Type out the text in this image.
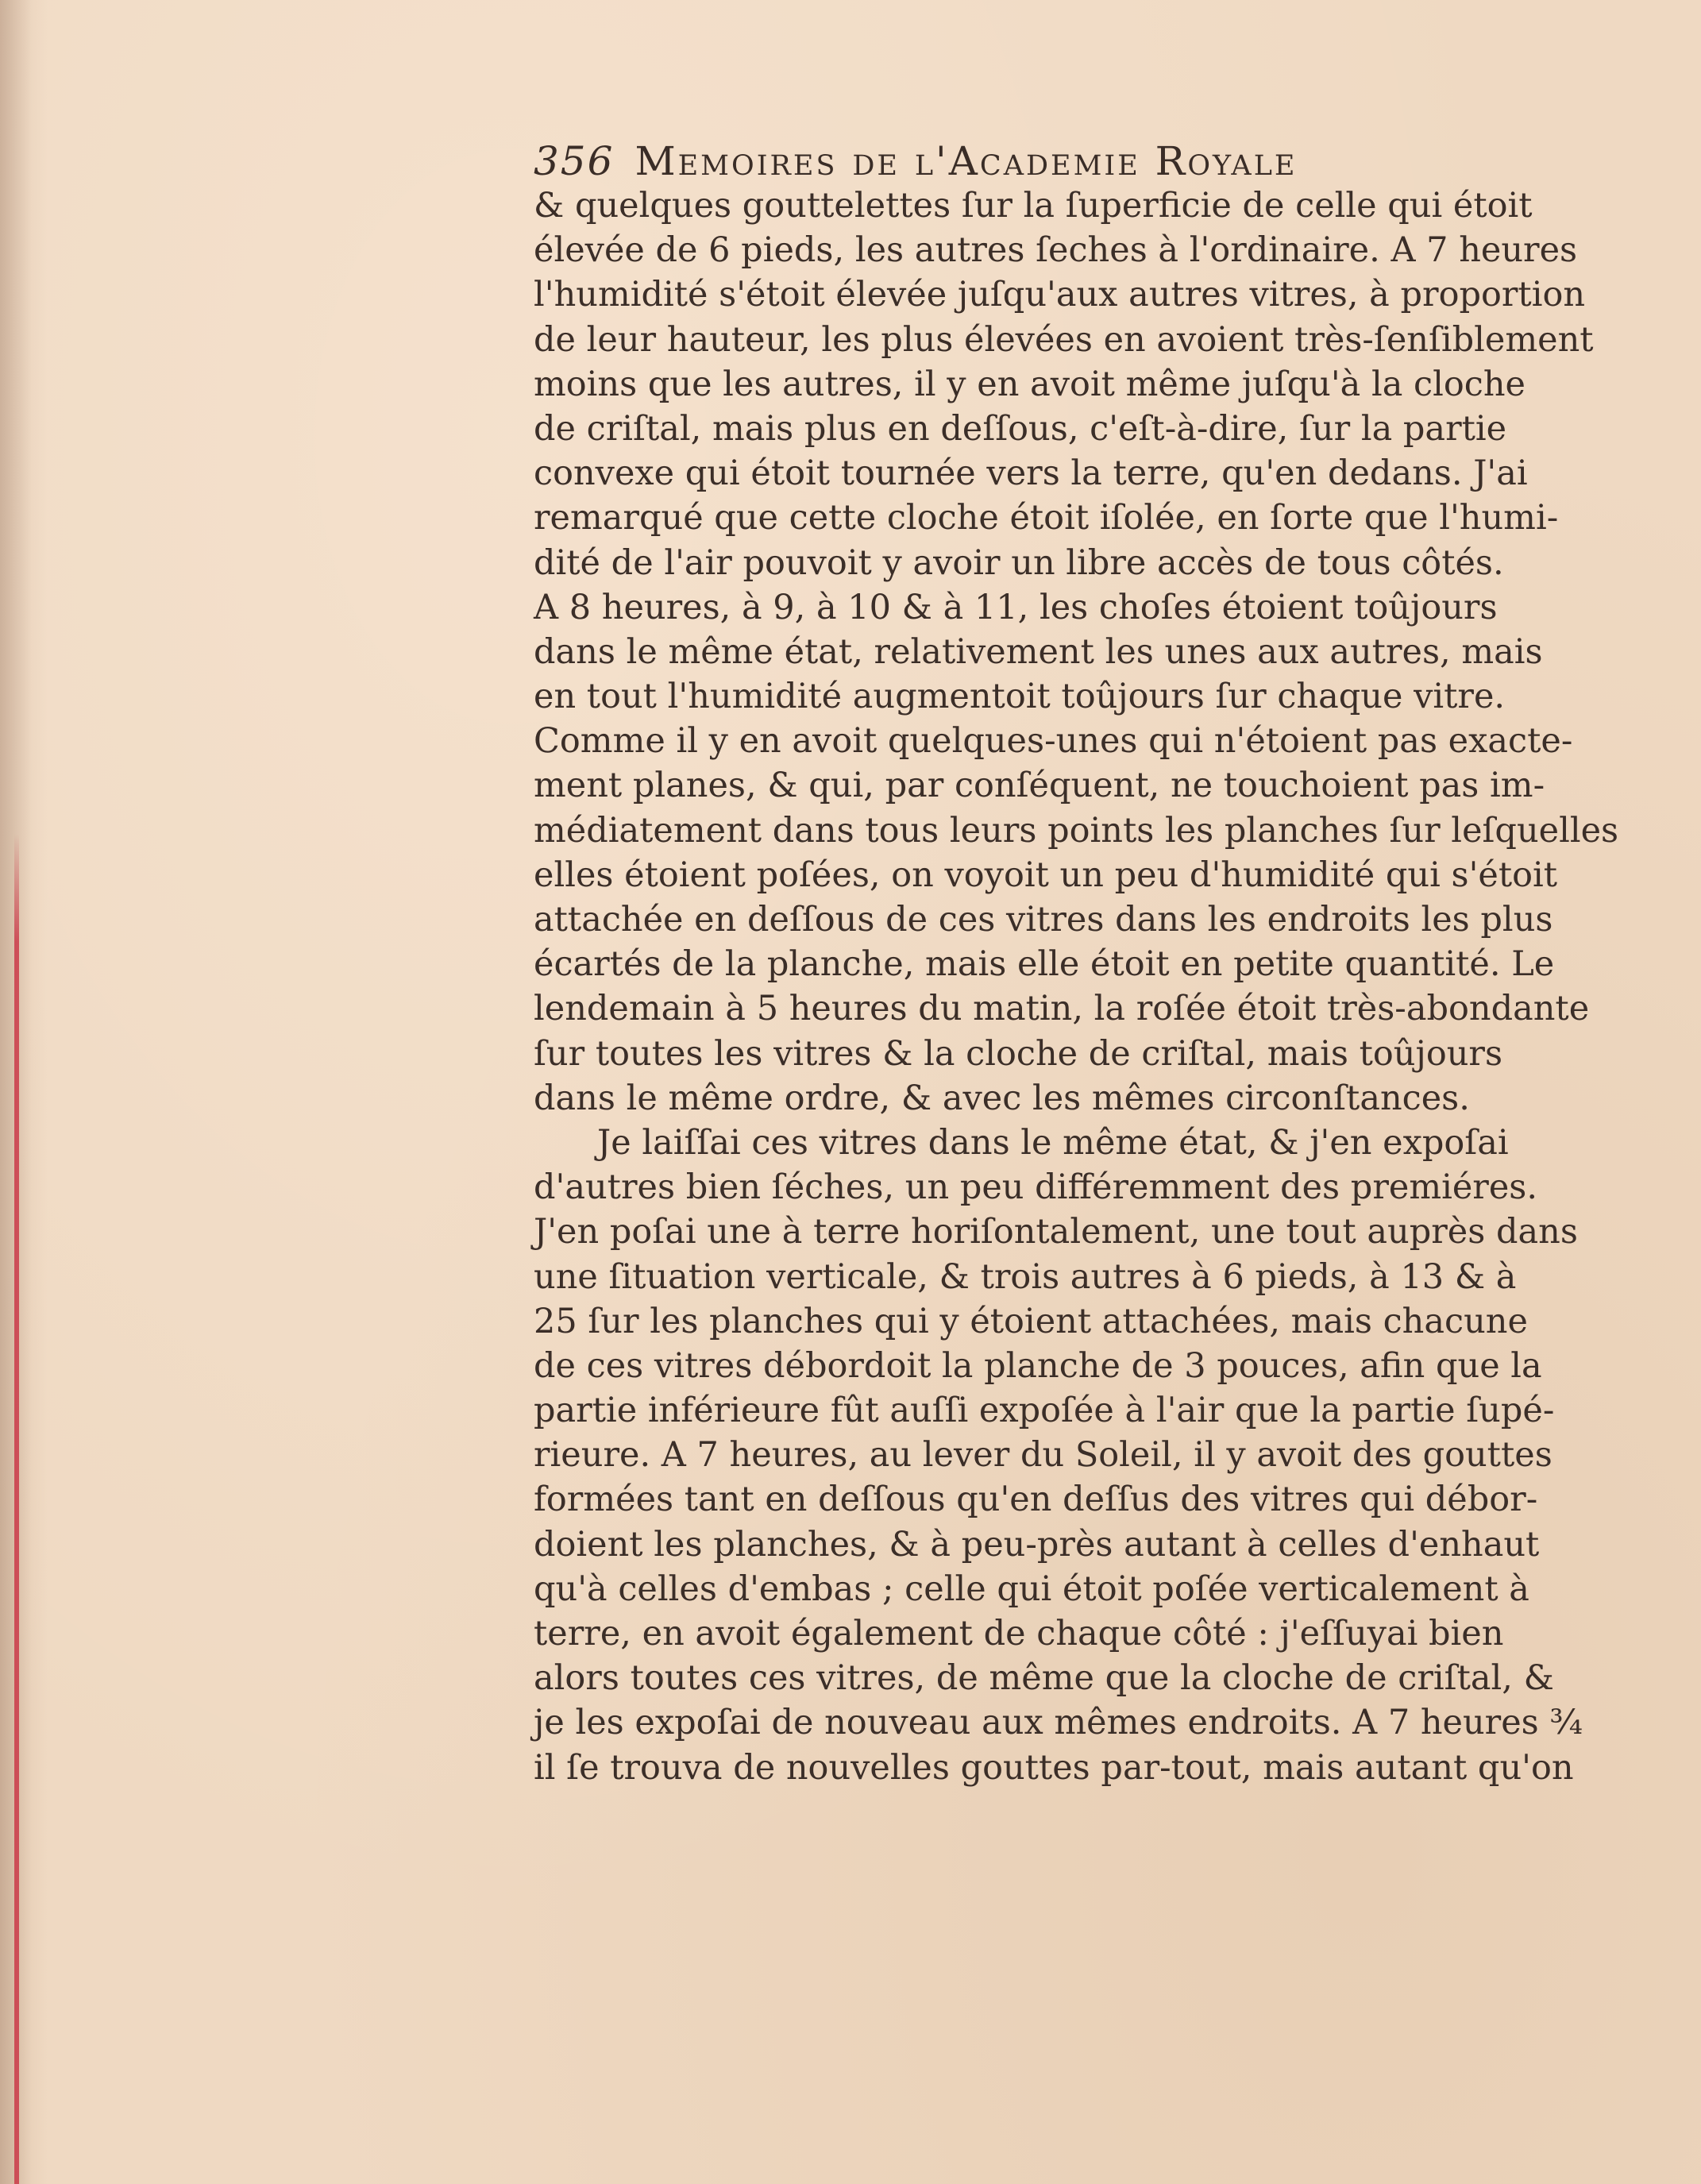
356 Memoires de l'Academie Royale
& quelques gouttelettes ſur la ſuperficie de celle qui étoit
élevée de 6 pieds, les autres ſeches à l'ordinaire. A 7 heures
l'humidité s'étoit élevée juſqu'aux autres vitres, à proportion
de leur hauteur, les plus élevées en avoient très-ſenſiblement
moins que les autres, il y en avoit même juſqu'à la cloche
de criſtal, mais plus en deſſous, c'eſt-à-dire, ſur la partie
convexe qui étoit tournée vers la terre, qu'en dedans. J'ai
remarqué que cette cloche étoit iſolée, en ſorte que l'humi-
dité de l'air pouvoit y avoir un libre accès de tous côtés.
A 8 heures, à 9, à 10 & à 11, les choſes étoient toûjours
dans le même état, relativement les unes aux autres, mais
en tout l'humidité augmentoit toûjours ſur chaque vitre.
Comme il y en avoit quelques-unes qui n'étoient pas exacte-
ment planes, & qui, par conſéquent, ne touchoient pas im-
médiatement dans tous leurs points les planches ſur leſquelles
elles étoient poſées, on voyoit un peu d'humidité qui s'étoit
attachée en deſſous de ces vitres dans les endroits les plus
écartés de la planche, mais elle étoit en petite quantité. Le
lendemain à 5 heures du matin, la roſée étoit très-abondante
ſur toutes les vitres & la cloche de criſtal, mais toûjours
dans le même ordre, & avec les mêmes circonſtances.
Je laiſſai ces vitres dans le même état, & j'en expoſai
d'autres bien ſéches, un peu différemment des premiéres.
J'en poſai une à terre horiſontalement, une tout auprès dans
une ſituation verticale, & trois autres à 6 pieds, à 13 & à
25 ſur les planches qui y étoient attachées, mais chacune
de ces vitres débordoit la planche de 3 pouces, afin que la
partie inférieure fût auſſi expoſée à l'air que la partie ſupé-
rieure. A 7 heures, au lever du Soleil, il y avoit des gouttes
formées tant en deſſous qu'en deſſus des vitres qui débor-
doient les planches, & à peu-près autant à celles d'enhaut
qu'à celles d'embas ; celle qui étoit poſée verticalement à
terre, en avoit également de chaque côté : j'eſſuyai bien
alors toutes ces vitres, de même que la cloche de criſtal, &
je les expoſai de nouveau aux mêmes endroits. A 7 heures ¾
il ſe trouva de nouvelles gouttes par-tout, mais autant qu'on
